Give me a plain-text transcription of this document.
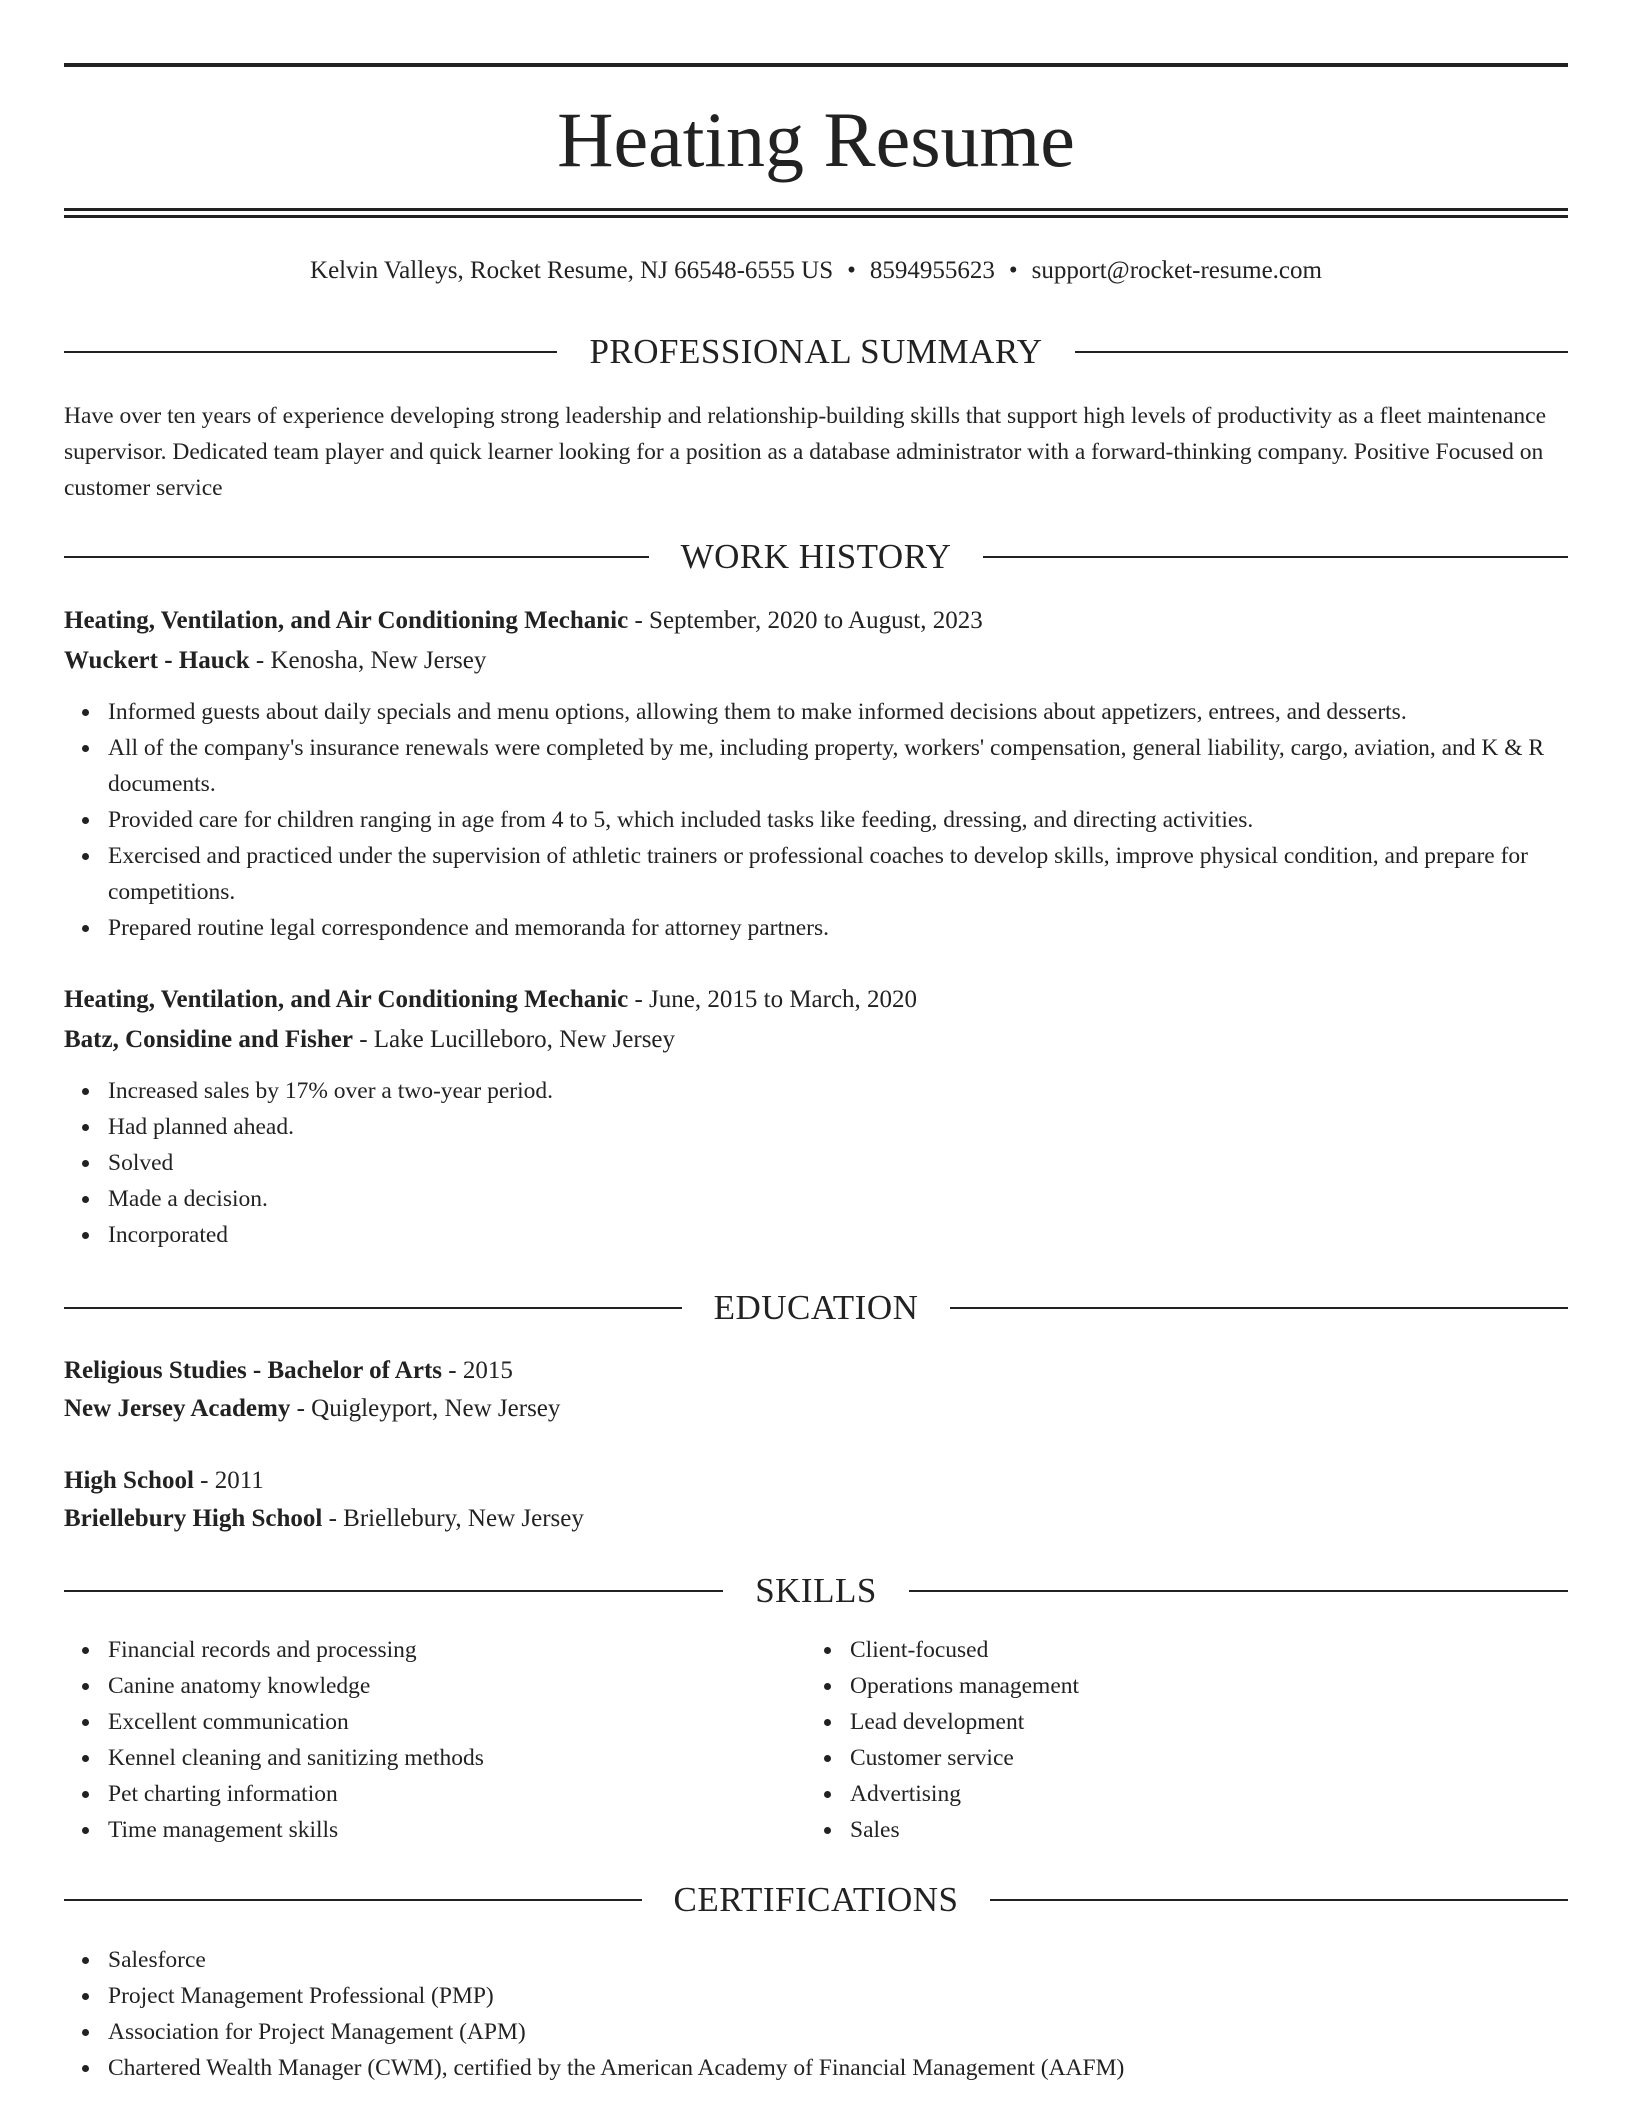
Heating Resume
Kelvin Valleys, Rocket Resume, NJ 66548-6555 US • 8594955623 • support@rocket-resume.com
PROFESSIONAL SUMMARY

Have over ten years of experience developing strong leadership and relationship-building skills that support high levels of productivity as a fleet maintenance supervisor. Dedicated team player and quick learner looking for a position as a database administrator with a forward-thinking company. Positive Focused on customer service

WORK HISTORY
Heating, Ventilation, and Air Conditioning Mechanic - September, 2020 to August, 2023
Wuckert - Hauck - Kenosha, New Jersey
Informed guests about daily specials and menu options, allowing them to make informed decisions about appetizers, entrees, and desserts.
All of the company's insurance renewals were completed by me, including property, workers' compensation, general liability, cargo, aviation, and K & R documents.
Provided care for children ranging in age from 4 to 5, which included tasks like feeding, dressing, and directing activities.
Exercised and practiced under the supervision of athletic trainers or professional coaches to develop skills, improve physical condition, and prepare for competitions.
Prepared routine legal correspondence and memoranda for attorney partners.
Heating, Ventilation, and Air Conditioning Mechanic - June, 2015 to March, 2020
Batz, Considine and Fisher - Lake Lucilleboro, New Jersey
Increased sales by 17% over a two-year period.
Had planned ahead.
Solved
Made a decision.
Incorporated
EDUCATION
Religious Studies - Bachelor of Arts - 2015
New Jersey Academy - Quigleyport, New Jersey
High School - 2011
Briellebury High School - Briellebury, New Jersey
SKILLS
Financial records and processing
Canine anatomy knowledge
Excellent communication
Kennel cleaning and sanitizing methods
Pet charting information
Time management skills
Client-focused
Operations management
Lead development
Customer service
Advertising
Sales
CERTIFICATIONS
Salesforce
Project Management Professional (PMP)
Association for Project Management (APM)
Chartered Wealth Manager (CWM), certified by the American Academy of Financial Management (AAFM)
